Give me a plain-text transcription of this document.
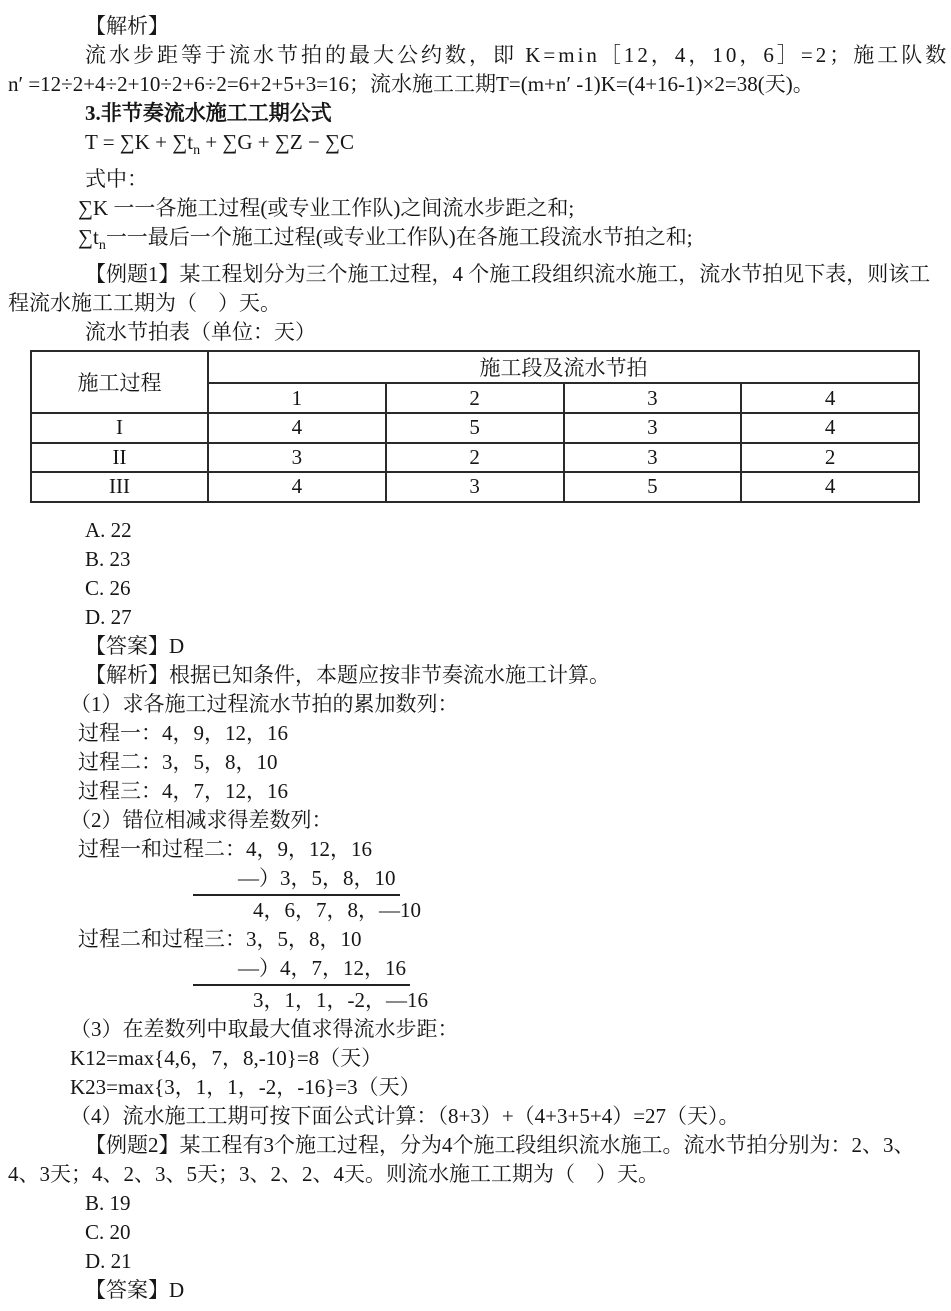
【解析】

流水步距等于流水节拍的最大公约数，即 K=min［12，4，10，6］=2；施工队数

n′ =12÷2+4÷2+10÷2+6÷2=6+2+5+3=16；流水施工工期T=(m+n′ -1)K=(4+16-1)×2=38(天)。

3.非节奏流水施工工期公式

$T = \sum K + \sum t_n + \sum G + \sum Z - \sum C$

式中：

∑K 一一各施工过程(或专业工作队)之间流水步距之和;

$\sum t_n$一一最后一个施工过程(或专业工作队)在各施工段流水节拍之和;

【例题1】某工程划分为三个施工过程，4 个施工段组织流水施工，流水节拍见下表，则该工

程流水施工工期为（　）天。

流水节拍表（单位：天）

施工过程	施工段及流水节拍			
	1	2	3	4
I	4	5	3	4
II	3	2	3	2
III	4	3	5	4

A. 22

B. 23

C. 26

D. 27

【答案】D

【解析】根据已知条件，本题应按非节奏流水施工计算。

（1）求各施工过程流水节拍的累加数列：

过程一：4，9，12，16

过程二：3，5，8，10

过程三：4，7，12，16

（2）错位相减求得差数列：

过程一和过程二：4，9，12，16

—）3，5，8，10

4，6，7，8，—10

过程二和过程三：3，5，8，10

—）4，7，12，16

3，1，1，-2，—16

（3）在差数列中取最大值求得流水步距：

K12=max{4,6，7，8,-10}=8（天）

K23=max{3，1，1，-2，-16}=3（天）

（4）流水施工工期可按下面公式计算：（8+3）+（4+3+5+4）=27（天）。

【例题2】某工程有3个施工过程，分为4个施工段组织流水施工。流水节拍分别为：2、3、

4、3天；4、2、3、5天；3、2、2、4天。则流水施工工期为（　）天。

B. 19

C. 20

D. 21

【答案】D
